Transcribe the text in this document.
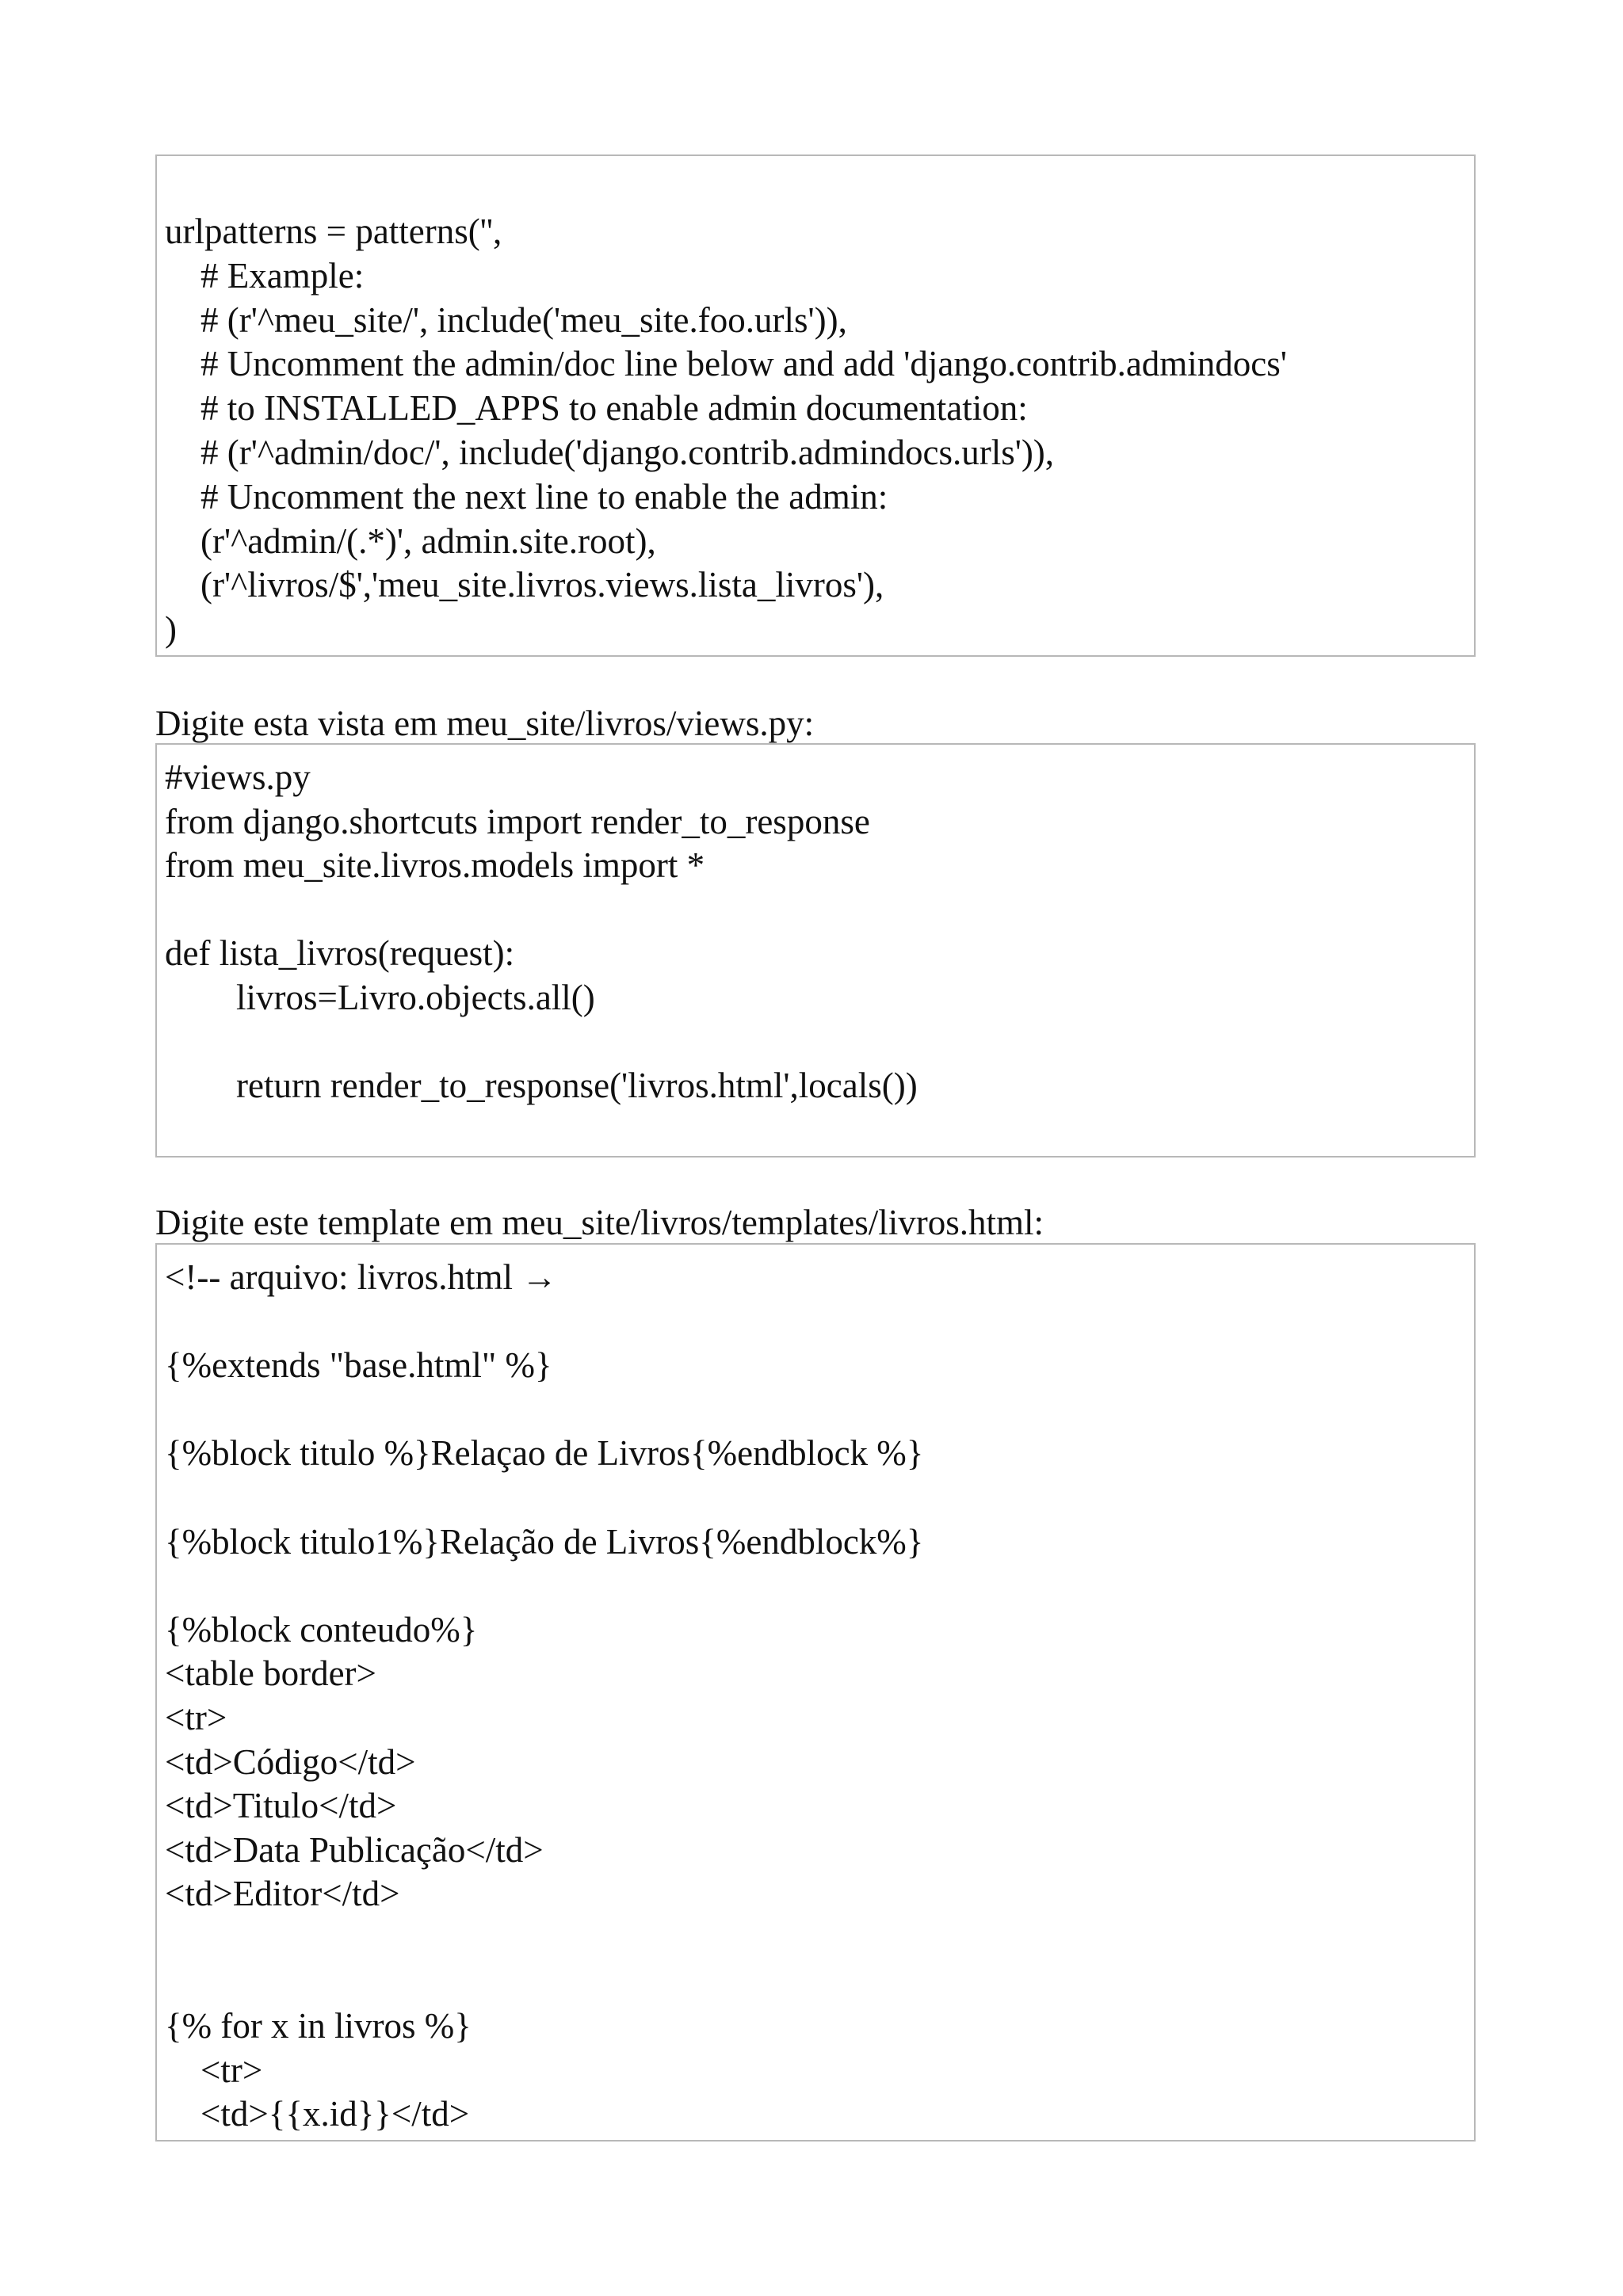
urlpatterns = patterns('',
# Example:
# (r'^meu_site/', include('meu_site.foo.urls')),
# Uncomment the admin/doc line below and add 'django.contrib.admindocs'
# to INSTALLED_APPS to enable admin documentation:
# (r'^admin/doc/', include('django.contrib.admindocs.urls')),
# Uncomment the next line to enable the admin:
(r'^admin/(.*)', admin.site.root),
(r'^livros/$','meu_site.livros.views.lista_livros'),
)
Digite esta vista em meu_site/livros/views.py:
#views.py
from django.shortcuts import render_to_response
from meu_site.livros.models import *
def lista_livros(request):
livros=Livro.objects.all()
return render_to_response('livros.html',locals())
Digite este template em meu_site/livros/templates/livros.html:
<!-- arquivo: livros.html →
{%extends "base.html" %}
{%block titulo %}Relaçao de Livros{%endblock %}
{%block titulo1%}Relação de Livros{%endblock%}
{%block conteudo%}
<table border>
<tr>
<td>Código</td>
<td>Titulo</td>
<td>Data Publicação</td>
<td>Editor</td>
{% for x in livros %}
<tr>
<td>{{x.id}}</td>
